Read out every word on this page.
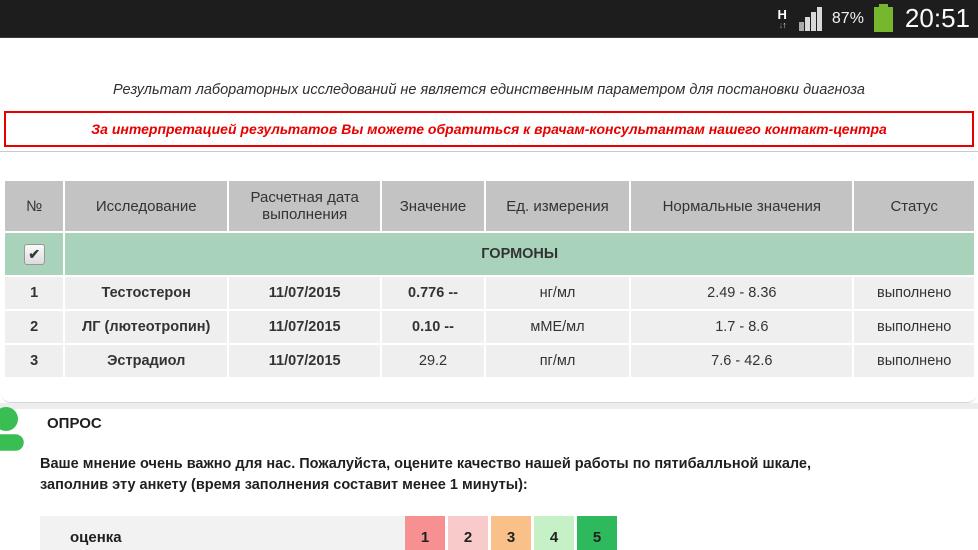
H
↓↑	87% 20:51
Результат лабораторных исследований не является единственным параметром для постановки диагноза
За интерпретацией результатов Вы можете обратиться к врачам-консультантам нашего контакт-центра
№	Исследование	Расчетная дата выполнения	Значение	Ед. измерения	Нормальные значения	Статус
✔	ГОРМОНЫ					
1	Тестостерон	11/07/2015	0.776 --	нг/мл	2.49 - 8.36	выполнено
2	ЛГ (лютеотропин)	11/07/2015	0.10 --	мМЕ/мл	1.7 - 8.6	выполнено
3	Эстрадиол	11/07/2015	29.2	пг/мл	7.6 - 42.6	выполнено
ОПРОС
Ваше мнение очень важно для нас. Пожалуйста, оцените качество нашей работы по пятибалльной шкале, заполнив эту анкету (время заполнения составит менее 1 минуты):
оценка	1	2	3	4	5
